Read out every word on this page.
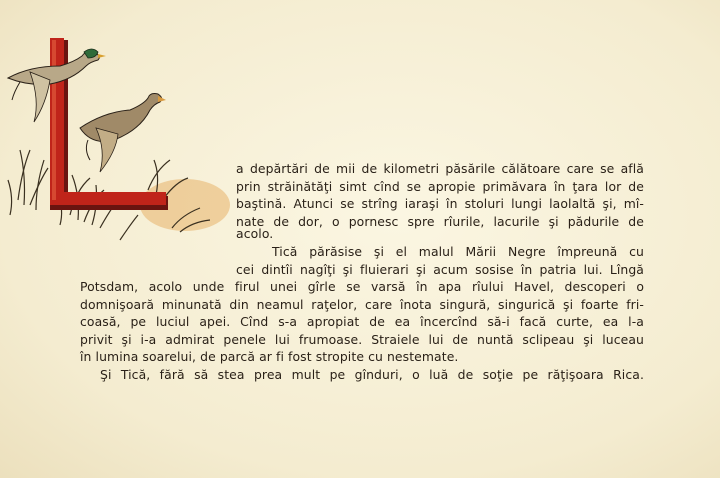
a depărtări de mii de kilometri păsările călătoare care se află
prin străinătăţi simt cînd se apropie primăvara în ţara lor de
baştină. Atunci se strîng iaraşi în stoluri lungi laolaltă şi, mî-
nate de dor, o pornesc spre rîurile, lacurile şi pădurile de
acolo.
Tică părăsise şi el malul Mării Negre împreună cu
cei dintîi nagîţi şi fluierari şi acum sosise în patria lui. Lîngă
Potsdam, acolo unde firul unei gîrle se varsă în apa rîului Havel, descoperi o
domnişoară minunată din neamul raţelor, care înota singură, singurică şi foarte fri-
coasă, pe luciul apei. Cînd s-a apropiat de ea încercînd să-i facă curte, ea l-a
privit şi i-a admirat penele lui frumoase. Straiele lui de nuntă sclipeau şi luceau
în lumina soarelui, de parcă ar fi fost stropite cu nestemate.
Şi Tică, fără să stea prea mult pe gînduri, o luă de soţie pe răţişoara Rica.
